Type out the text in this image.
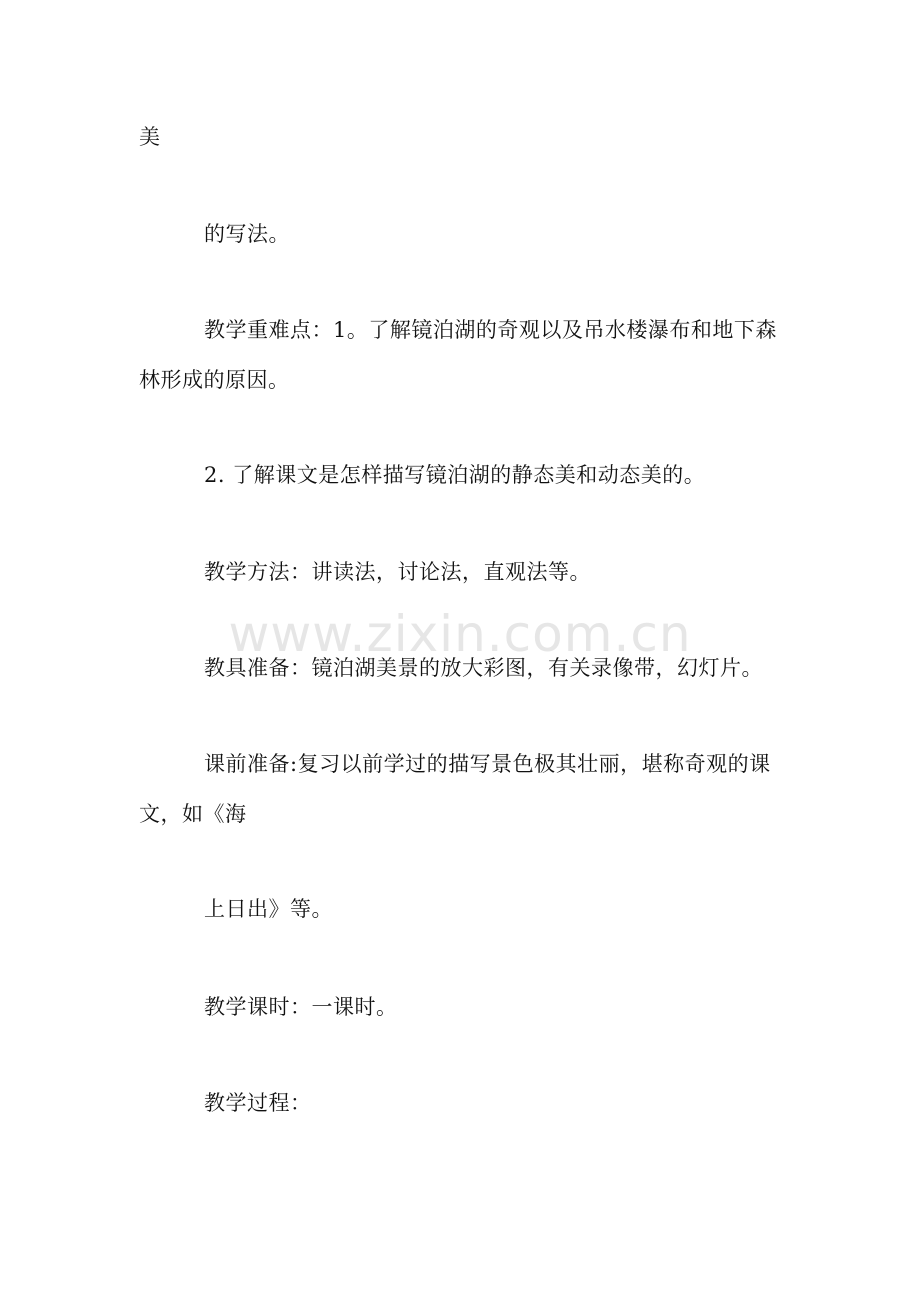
www.zixin.com.cn
美
的写法。
教学重难点：1。了解镜泊湖的奇观以及吊水楼瀑布和地下森
林形成的原因。
2. 了解课文是怎样描写镜泊湖的静态美和动态美的。
教学方法：讲读法，讨论法，直观法等。
教具准备：镜泊湖美景的放大彩图，有关录像带，幻灯片。
课前准备:复习以前学过的描写景色极其壮丽，堪称奇观的课
文，如《海
上日出》等。
教学课时：一课时。
教学过程：
